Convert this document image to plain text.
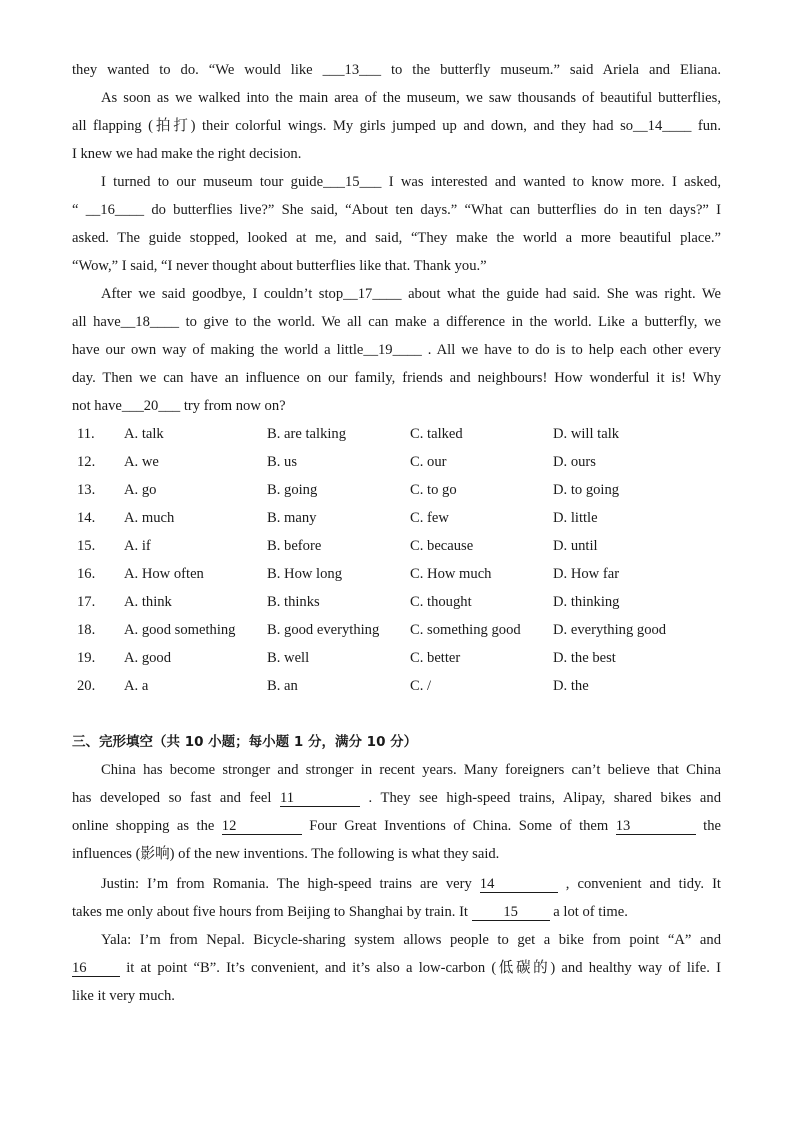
they wanted to do. “We would like ___13___ to the butterfly museum.” said Ariela and Eliana.
As soon as we walked into the main area of the museum, we saw thousands of beautiful butterflies,
all flapping (拍打) their colorful wings. My girls jumped up and down, and they had so__14____ fun.
I knew we had make the right decision.
I turned to our museum tour guide___15___ I was interested and wanted to know more. I asked,
“ __16____ do butterflies live?” She said, “About ten days.” “What can butterflies do in ten days?” I
asked. The guide stopped, looked at me, and said, “They make the world a more beautiful place.”
“Wow,” I said, “I never thought about butterflies like that. Thank you.”
After we said goodbye, I couldn’t stop__17____ about what the guide had said. She was right. We
all have__18____ to give to the world. We all can make a difference in the world. Like a butterfly, we
have our own way of making the world a little__19____ . All we have to do is to help each other every
day. Then we can have an influence on our family, friends and neighbours! How wonderful it is! Why
not have___20___ try from now on?
11. A. talk	B. are talking	C. talked	D. will talk
12. A. we	B. us	C. our	D. ours
13. A. go	B. going	C. to go	D. to going
14. A. much	B. many	C. few	D. little
15. A. if	B. before	C. because	D. until
16. A. How often	B. How long	C. How much	D. How far
17. A. think	B. thinks	C. thought	D. thinking
18. A. good something B. good everything C. something good D. everything good
19. A. good	B. well	C. better	D. the best
20. A. a	B. an	C. /	D. the
三、完形填空（共 10 小题；每小题 1 分，满分 10 分）
China has become stronger and stronger in recent years. Many foreigners can’t believe that China
has developed so fast and feel 11	. They see high-speed trains, Alipay, shared bikes and
online shopping as the 12	Four Great Inventions of China. Some of them 13	the
influences (影响) of the new inventions. The following is what they said.
Justin: I’m from Romania. The high-speed trains are very 14	, convenient and tidy. It
takes me only about five hours from Beijing to Shanghai by train. It 15 a lot of time.
Yala: I’m from Nepal. Bicycle-sharing system allows people to get a bike from point “A” and
16 it at point “B”. It’s convenient, and it’s also a low-carbon (低碳的) and healthy way of life. I
like it very much.
